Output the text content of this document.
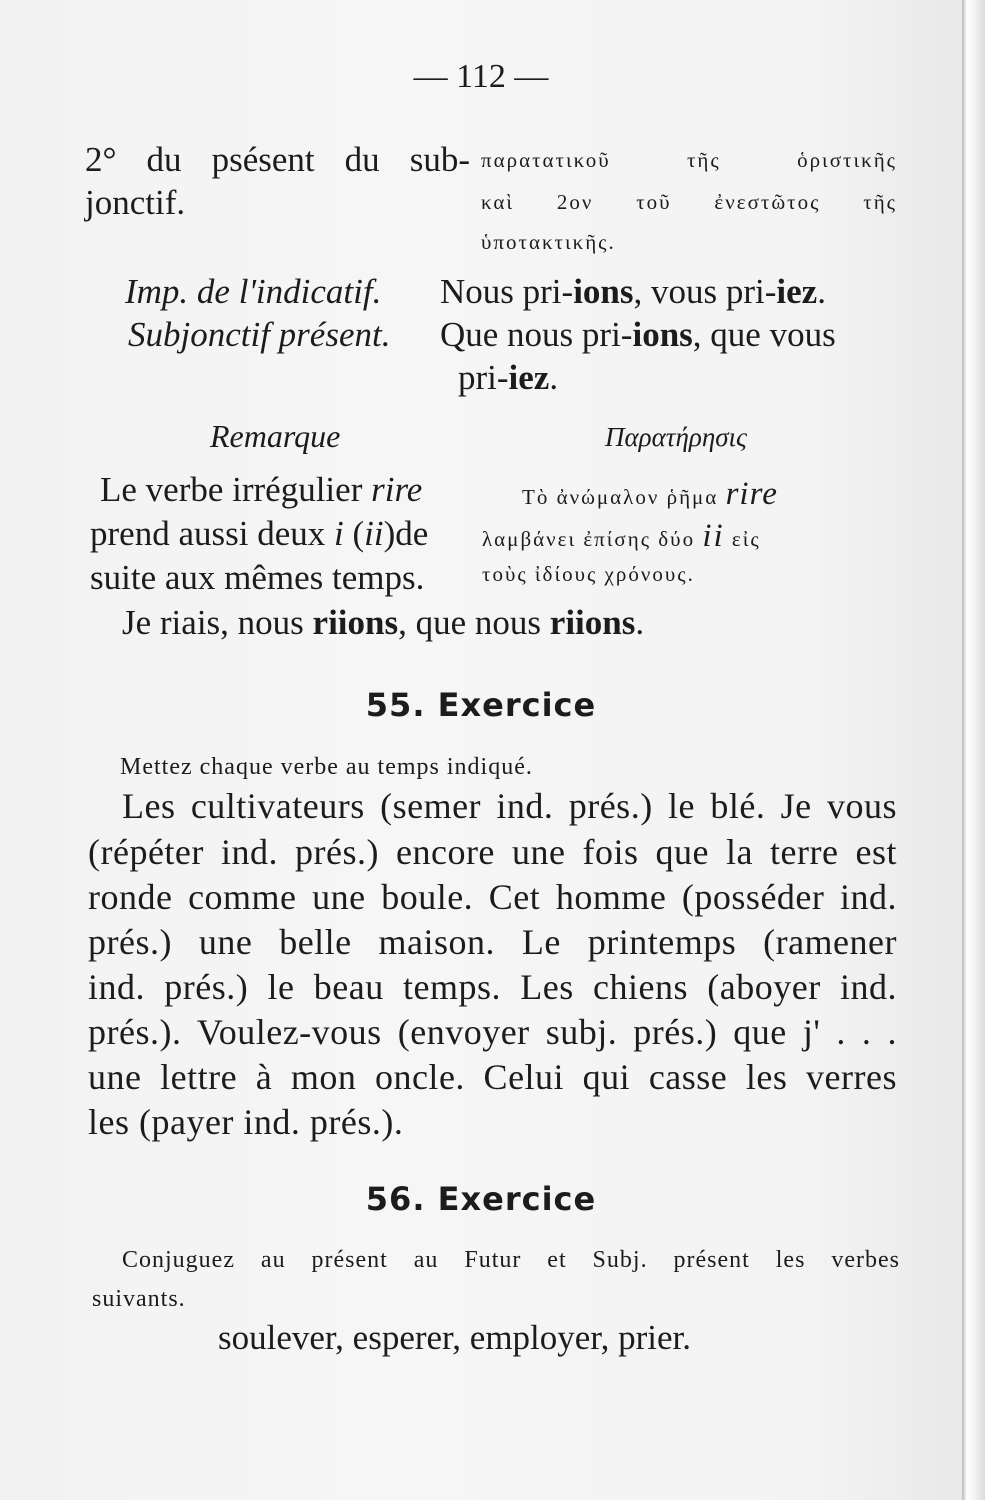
— 112 —
2° du psésent du sub-
jonctif.
παρατατικοῦ τῆς ὁριστικῆς
καὶ 2ον τοῦ ἐνεστῶτος τῆς
ὑποτακτικῆς.
Imp. de l'indicatif. Nous pri-ions, vous pri-iez.
Subjonctif présent. Que nous pri-ions, que vous
pri-iez.
Remarque	Παρατήρησις
Le verbe irrégulier rire
prend aussi deux i (ii)de
suite aux mêmes temps.
Τὸ ἀνώμαλον ῥῆμα rire
λαμβάνει ἐπίσης δύο ii εἰς
τοὺς ἰδίους χρόνους.
Je riais, nous riions, que nous riions.
55. Exercice
Mettez chaque verbe au temps indiqué.
Les cultivateurs (semer ind. prés.) le blé. Je vous
(répéter ind. prés.) encore une fois que la terre est
ronde comme une boule. Cet homme (posséder ind.
prés.) une belle maison. Le printemps (ramener
ind. prés.) le beau temps. Les chiens (aboyer ind.
prés.). Voulez-vous (envoyer subj. prés.) que j' . . .
une lettre à mon oncle. Celui qui casse les verres
les (payer ind. prés.).
56. Exercice
Conjuguez au présent au Futur et Subj. présent les verbes
suivants.
soulever, esperer, employer, prier.
